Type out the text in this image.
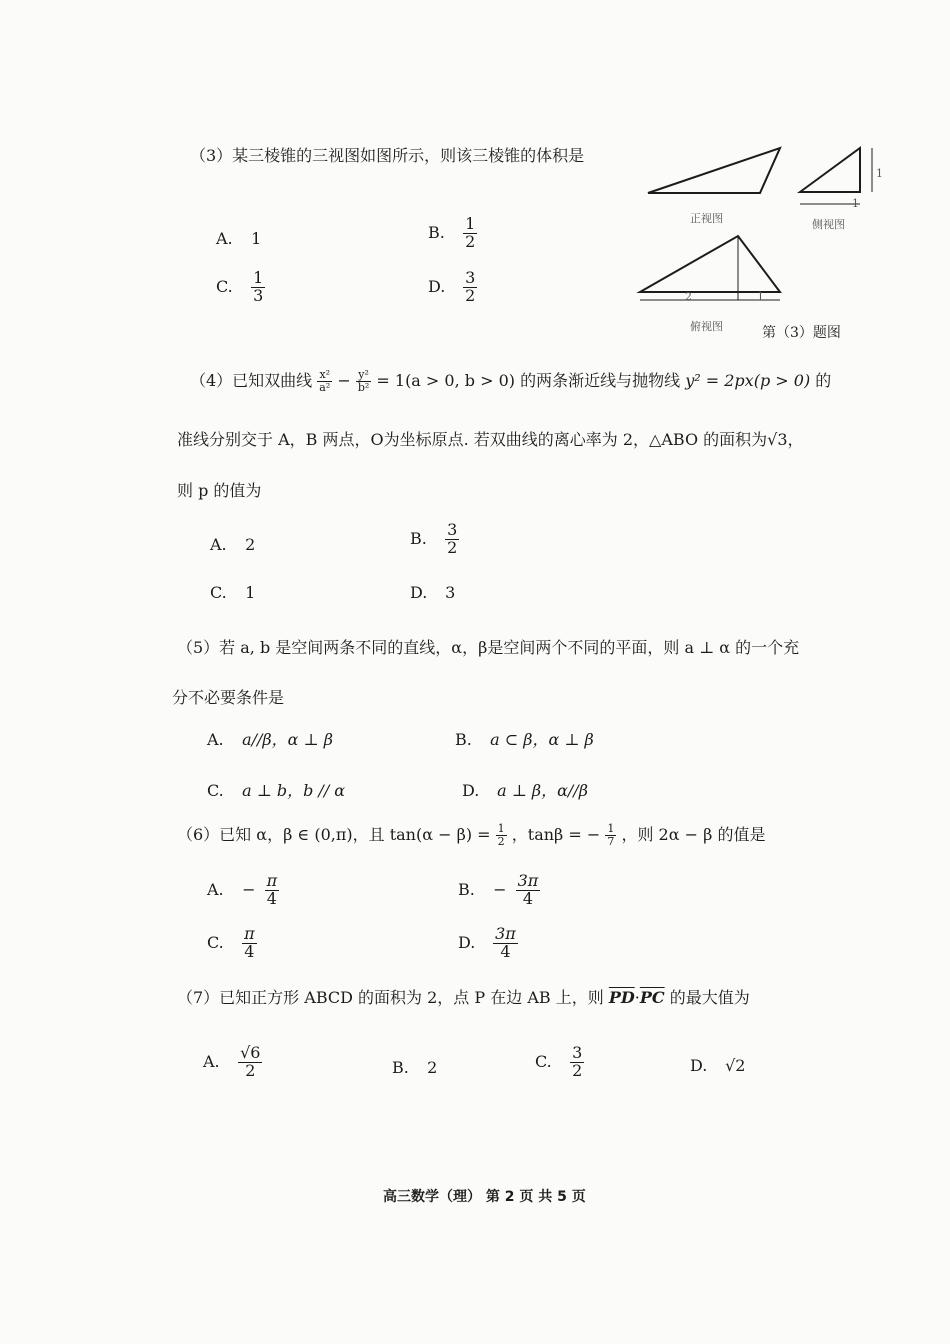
（3）某三棱锥的三视图如图所示，则该三棱锥的体积是
A. 1	B. $\frac{1}{2}$
C. $\frac{1}{3}$	D. $\frac{3}{2}$
1
1
2	1
正视图	侧视图
俯视图	第（3）题图
（4）已知双曲线 $\frac{\text{x²}}{\text{a²}} - \frac{\text{y²}}{\text{b²}} = 1(a > 0$, b > 0) 的两条渐近线与抛物线 y² = 2px(p > 0) 的
准线分别交于 A，B 两点，O为坐标原点. 若双曲线的离心率为 2，△ABO 的面积为√3，
则 p 的值为
A. 2	B. $\frac{3}{2}$
C. 1	D. 3
（5）若 a, b 是空间两条不同的直线，α，β是空间两个不同的平面，则 a ⊥ α 的一个充
分不必要条件是
A. a//β，α ⊥ β	B. a ⊂ β，α ⊥ β
C. a ⊥ b，b // α	D. a ⊥ β，α//β
（6）已知 α，β ∈ (0,π)，且 $\tan(\alpha - \beta) = \frac{1}{2}$ ，tanβ = − $\frac{1}{7}$ ，则 2α − β 的值是
A. − $\frac{\pi}{4}$	B. − $\frac{3\pi}{4}$
C. $\frac{\pi}{4}$	D. $\frac{3\pi}{4}$
（7）已知正方形 ABCD 的面积为 2，点 P 在边 AB 上，则 $\overline{PD}\cdot\overline{PC}$ 的最大值为
A. $\frac{√6}{2}$	B. 2	C. $\frac{3}{2}$	D. √2
高三数学（理） 第 2 页 共 5 页
